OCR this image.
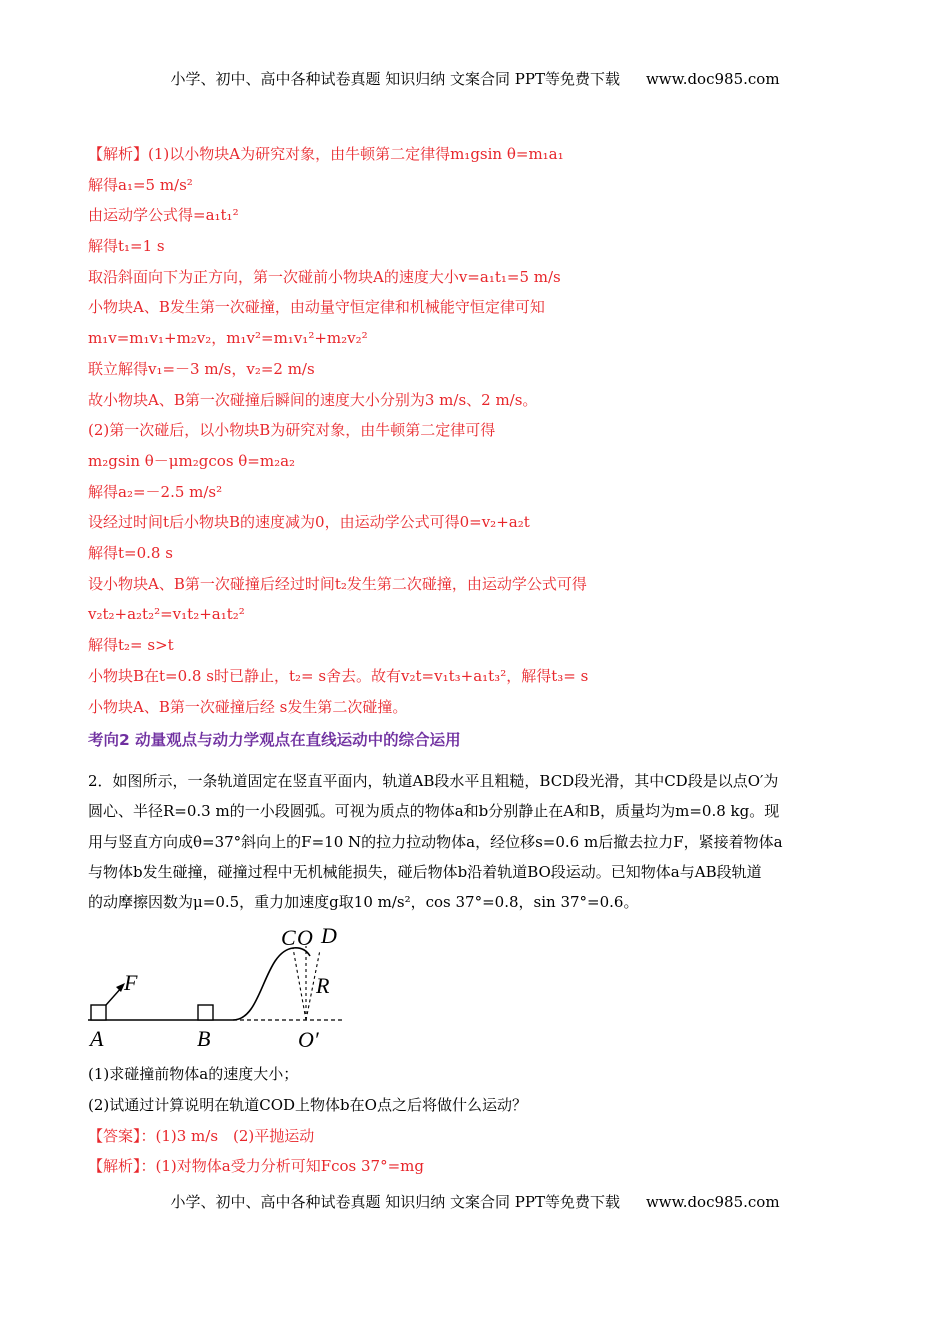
小学、初中、高中各种试卷真题 知识归纳 文案合同 PPT等免费下载 www.doc985.com
【解析】(1)以小物块A为研究对象，由牛顿第二定律得m₁gsin θ=m₁a₁
解得a₁=5 m/s²
由运动学公式得=a₁t₁²
解得t₁=1 s
取沿斜面向下为正方向，第一次碰前小物块A的速度大小v=a₁t₁=5 m/s
小物块A、B发生第一次碰撞，由动量守恒定律和机械能守恒定律可知
m₁v=m₁v₁+m₂v₂，m₁v²=m₁v₁²+m₂v₂²
联立解得v₁=－3 m/s，v₂=2 m/s
故小物块A、B第一次碰撞后瞬间的速度大小分别为3 m/s、2 m/s。
(2)第一次碰后，以小物块B为研究对象，由牛顿第二定律可得
m₂gsin θ－μm₂gcos θ=m₂a₂
解得a₂=－2.5 m/s²
设经过时间t后小物块B的速度减为0，由运动学公式可得0=v₂+a₂t
解得t=0.8 s
设小物块A、B第一次碰撞后经过时间t₂发生第二次碰撞，由运动学公式可得
v₂t₂+a₂t₂²=v₁t₂+a₁t₂²
解得t₂= s>t
小物块B在t=0.8 s时已静止，t₂= s舍去。故有v₂t=v₁t₃+a₁t₃²，解得t₃= s
小物块A、B第一次碰撞后经 s发生第二次碰撞。
考向2 动量观点与动力学观点在直线运动中的综合运用
2．如图所示，一条轨道固定在竖直平面内，轨道AB段水平且粗糙，BCD段光滑，其中CD段是以点O′为
圆心、半径R=0.3 m的一小段圆弧。可视为质点的物体a和b分别静止在A和B，质量均为m=0.8 kg。现
用与竖直方向成θ=37°斜向上的F=10 N的拉力拉动物体a，经位移s=0.6 m后撤去拉力F，紧接着物体a
与物体b发生碰撞，碰撞过程中无机械能损失，碰后物体b沿着轨道BO段运动。已知物体a与AB段轨道
的动摩擦因数为μ=0.5，重力加速度g取10 m/s²，cos 37°=0.8，sin 37°=0.6。
F
A	B
C O D
R
O′
(1)求碰撞前物体a的速度大小；
(2)试通过计算说明在轨道COD上物体b在O点之后将做什么运动？
【答案】：(1)3 m/s　(2)平抛运动
【解析】：(1)对物体a受力分析可知Fcos 37°=mg
小学、初中、高中各种试卷真题 知识归纳 文案合同 PPT等免费下载 www.doc985.com
